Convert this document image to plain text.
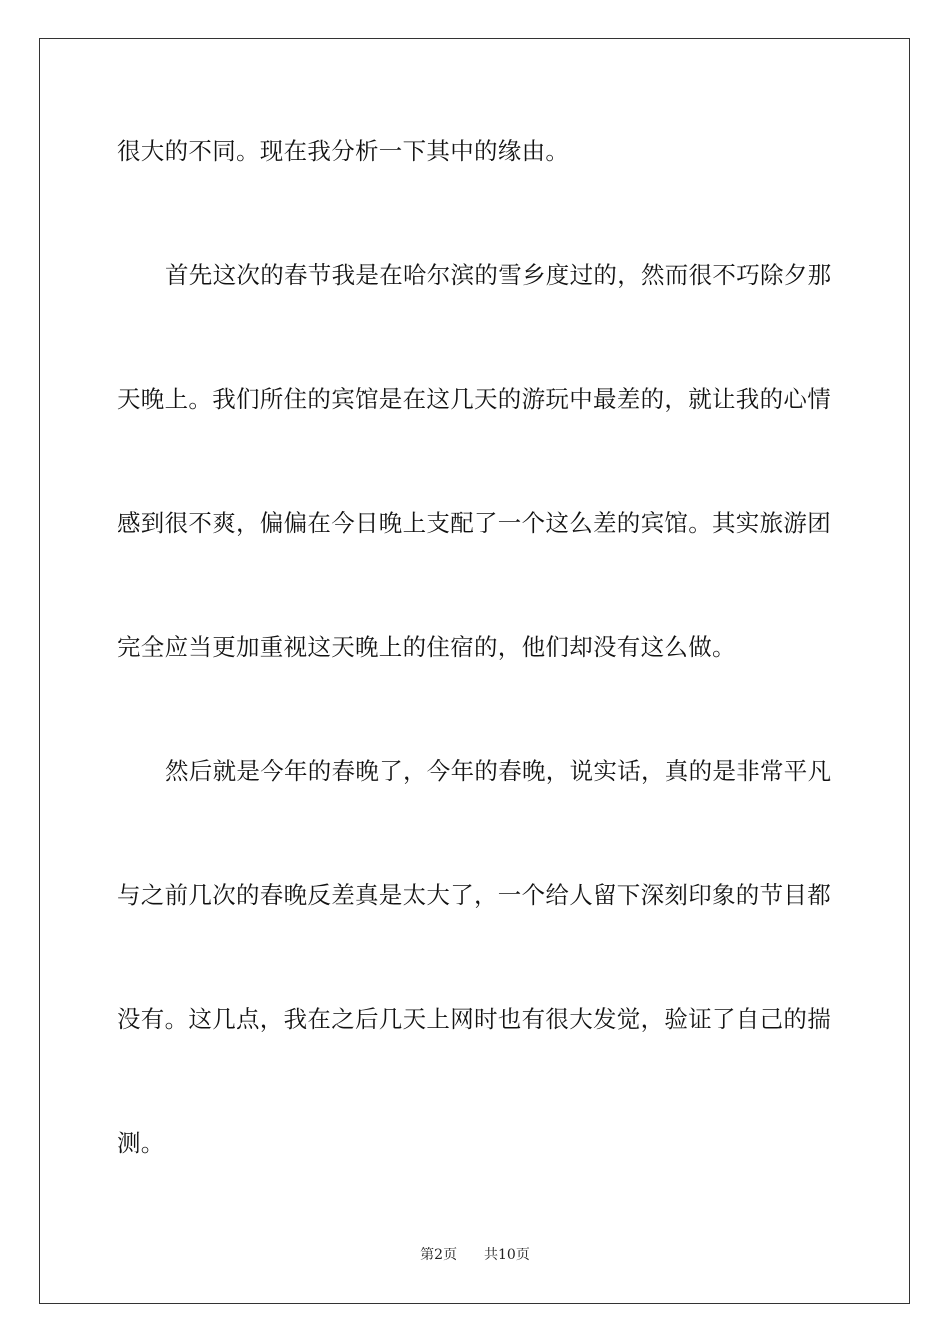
很大的不同。现在我分析一下其中的缘由。
首先这次的春节我是在哈尔滨的雪乡度过的，然而很不巧除夕那
天晚上。我们所住的宾馆是在这几天的游玩中最差的，就让我的心情
感到很不爽，偏偏在今日晚上支配了一个这么差的宾馆。其实旅游团
完全应当更加重视这天晚上的住宿的，他们却没有这么做。
然后就是今年的春晚了，今年的春晚，说实话，真的是非常平凡
与之前几次的春晚反差真是太大了，一个给人留下深刻印象的节目都
没有。这几点，我在之后几天上网时也有很大发觉，验证了自己的揣
测。
第2页 共10页
